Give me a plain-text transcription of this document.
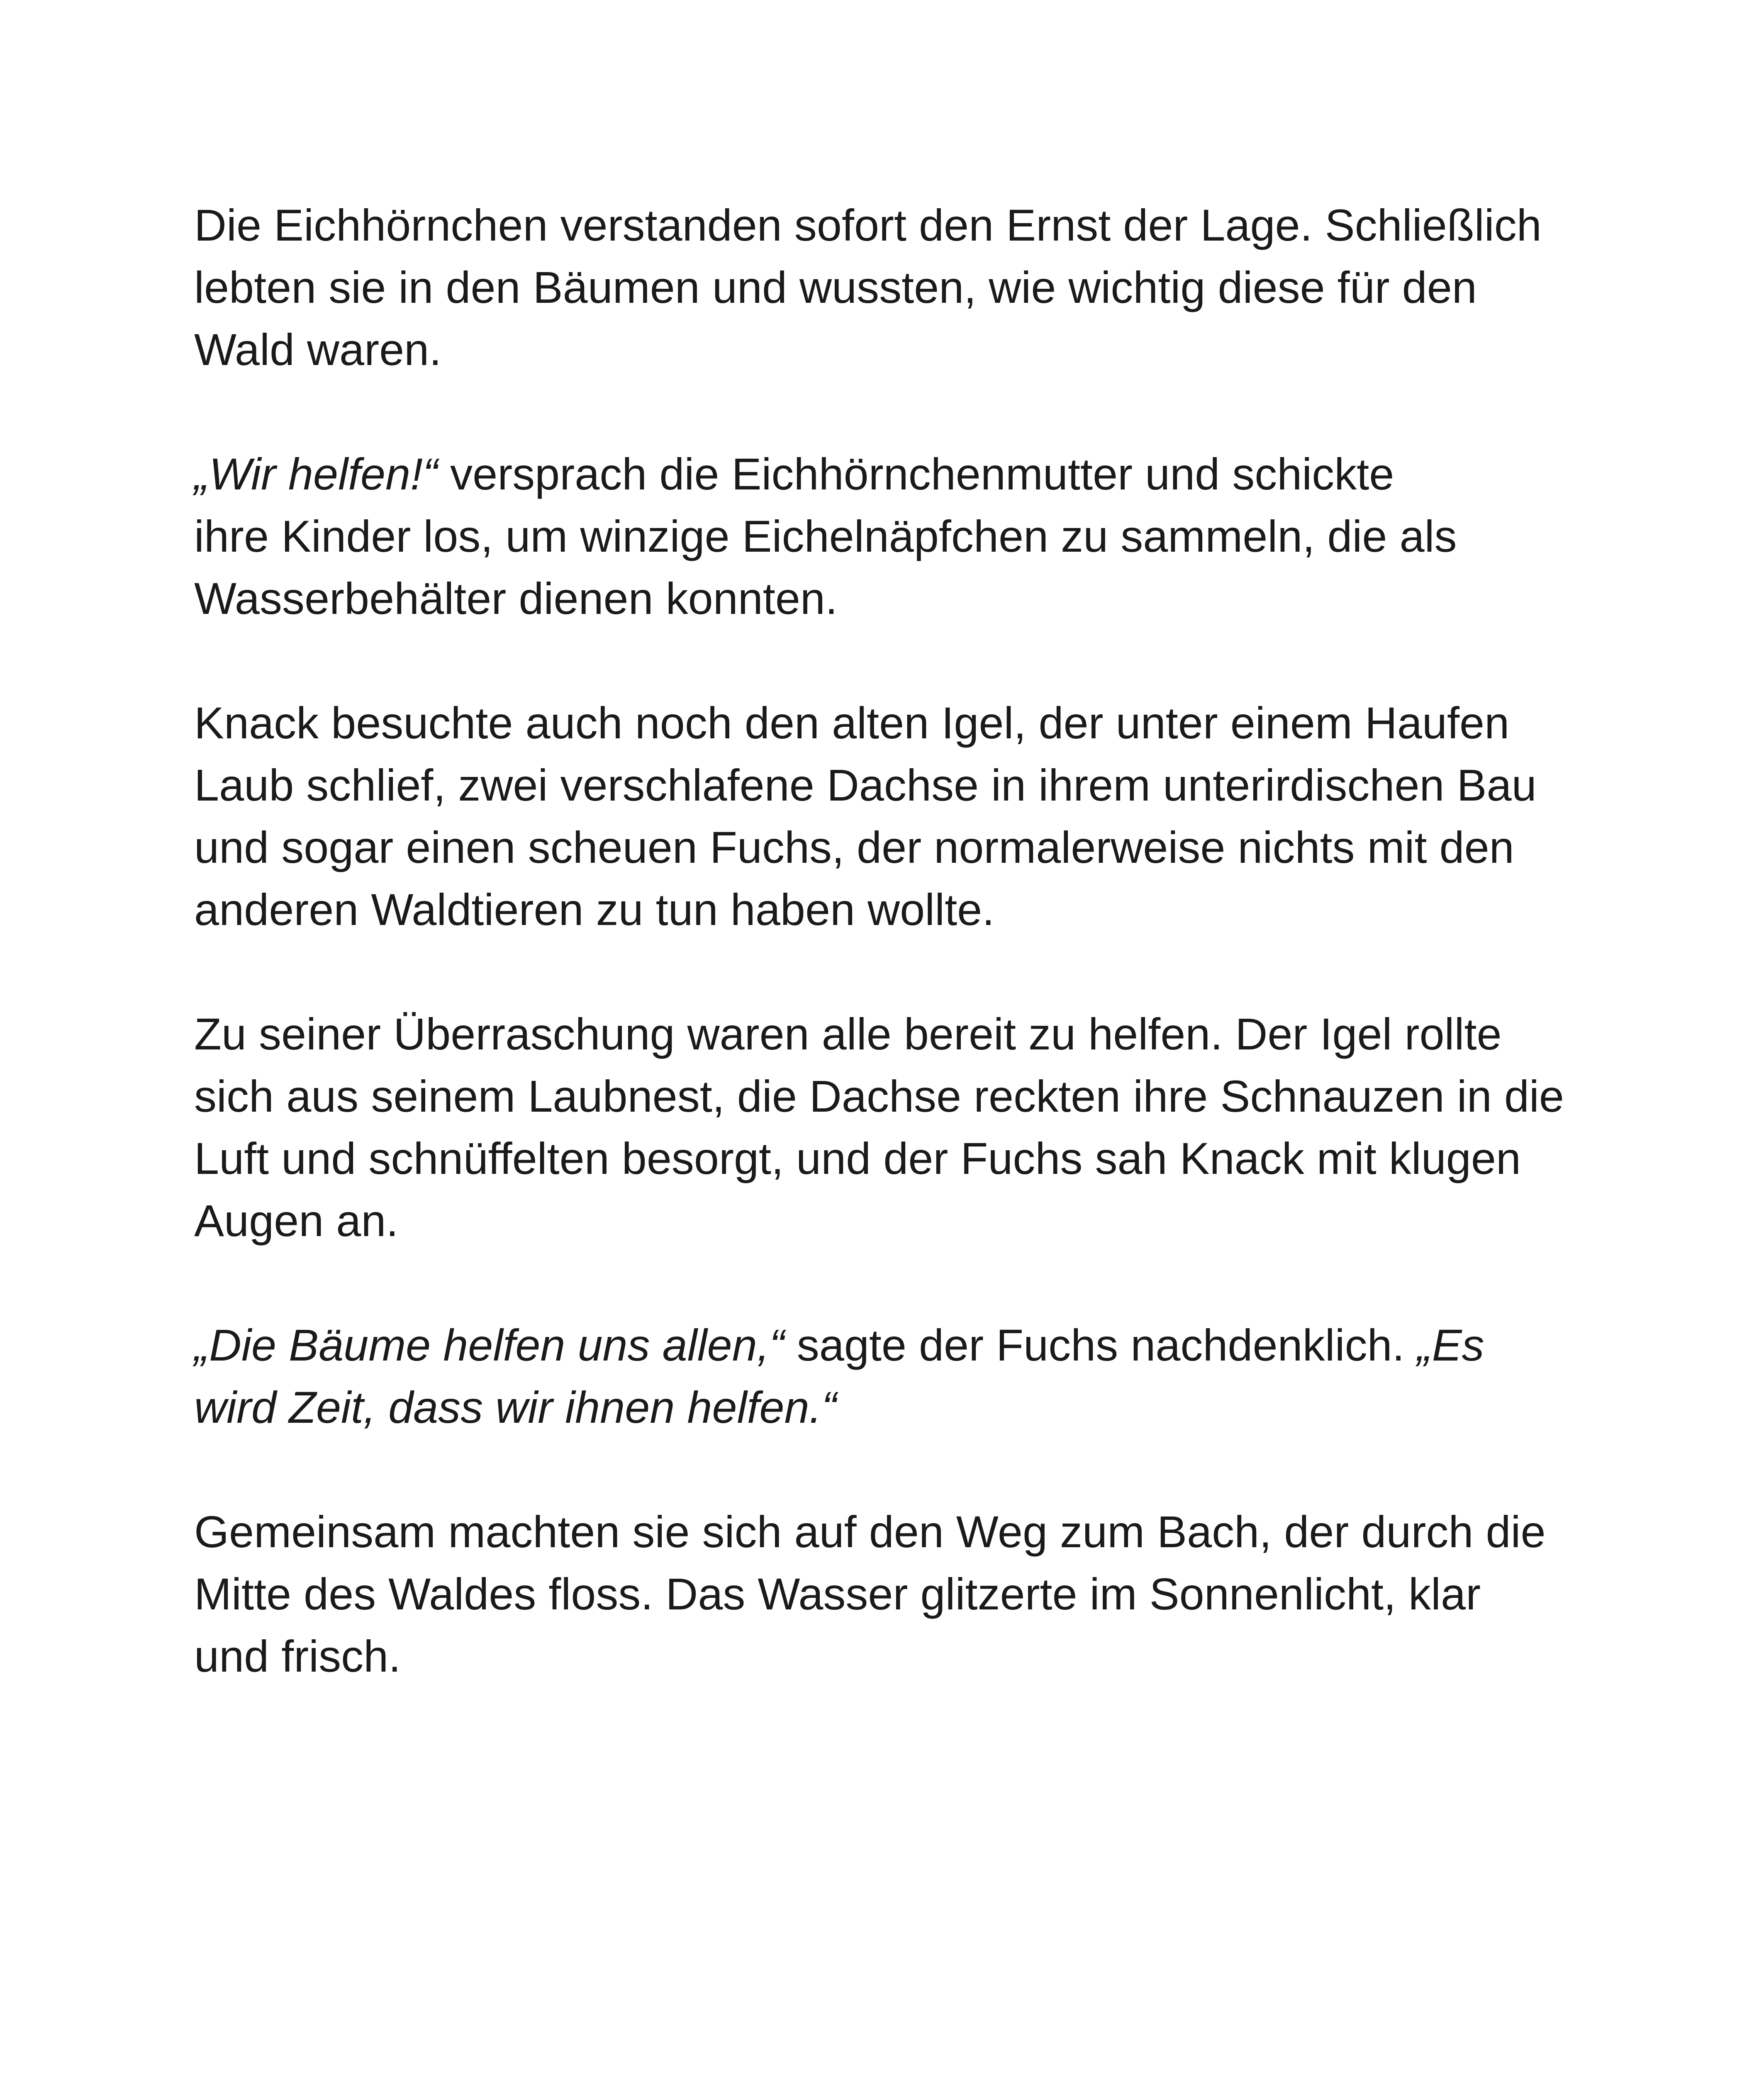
Die Eichhörnchen verstanden sofort den Ernst der Lage. Schließlich
lebten sie in den Bäumen und wussten, wie wichtig diese für den
Wald waren.

„Wir helfen!“ versprach die Eichhörnchenmutter und schickte
ihre Kinder los, um winzige Eichelnäpfchen zu sammeln, die als
Wasserbehälter dienen konnten.

Knack besuchte auch noch den alten Igel, der unter einem Haufen
Laub schlief, zwei verschlafene Dachse in ihrem unterirdischen Bau
und sogar einen scheuen Fuchs, der normalerweise nichts mit den
anderen Waldtieren zu tun haben wollte.

Zu seiner Überraschung waren alle bereit zu helfen. Der Igel rollte
sich aus seinem Laubnest, die Dachse reckten ihre Schnauzen in die
Luft und schnüffelten besorgt, und der Fuchs sah Knack mit klugen
Augen an.

„Die Bäume helfen uns allen,“ sagte der Fuchs nachdenklich. „Es
wird Zeit, dass wir ihnen helfen.“

Gemeinsam machten sie sich auf den Weg zum Bach, der durch die
Mitte des Waldes floss. Das Wasser glitzerte im Sonnenlicht, klar
und frisch.
